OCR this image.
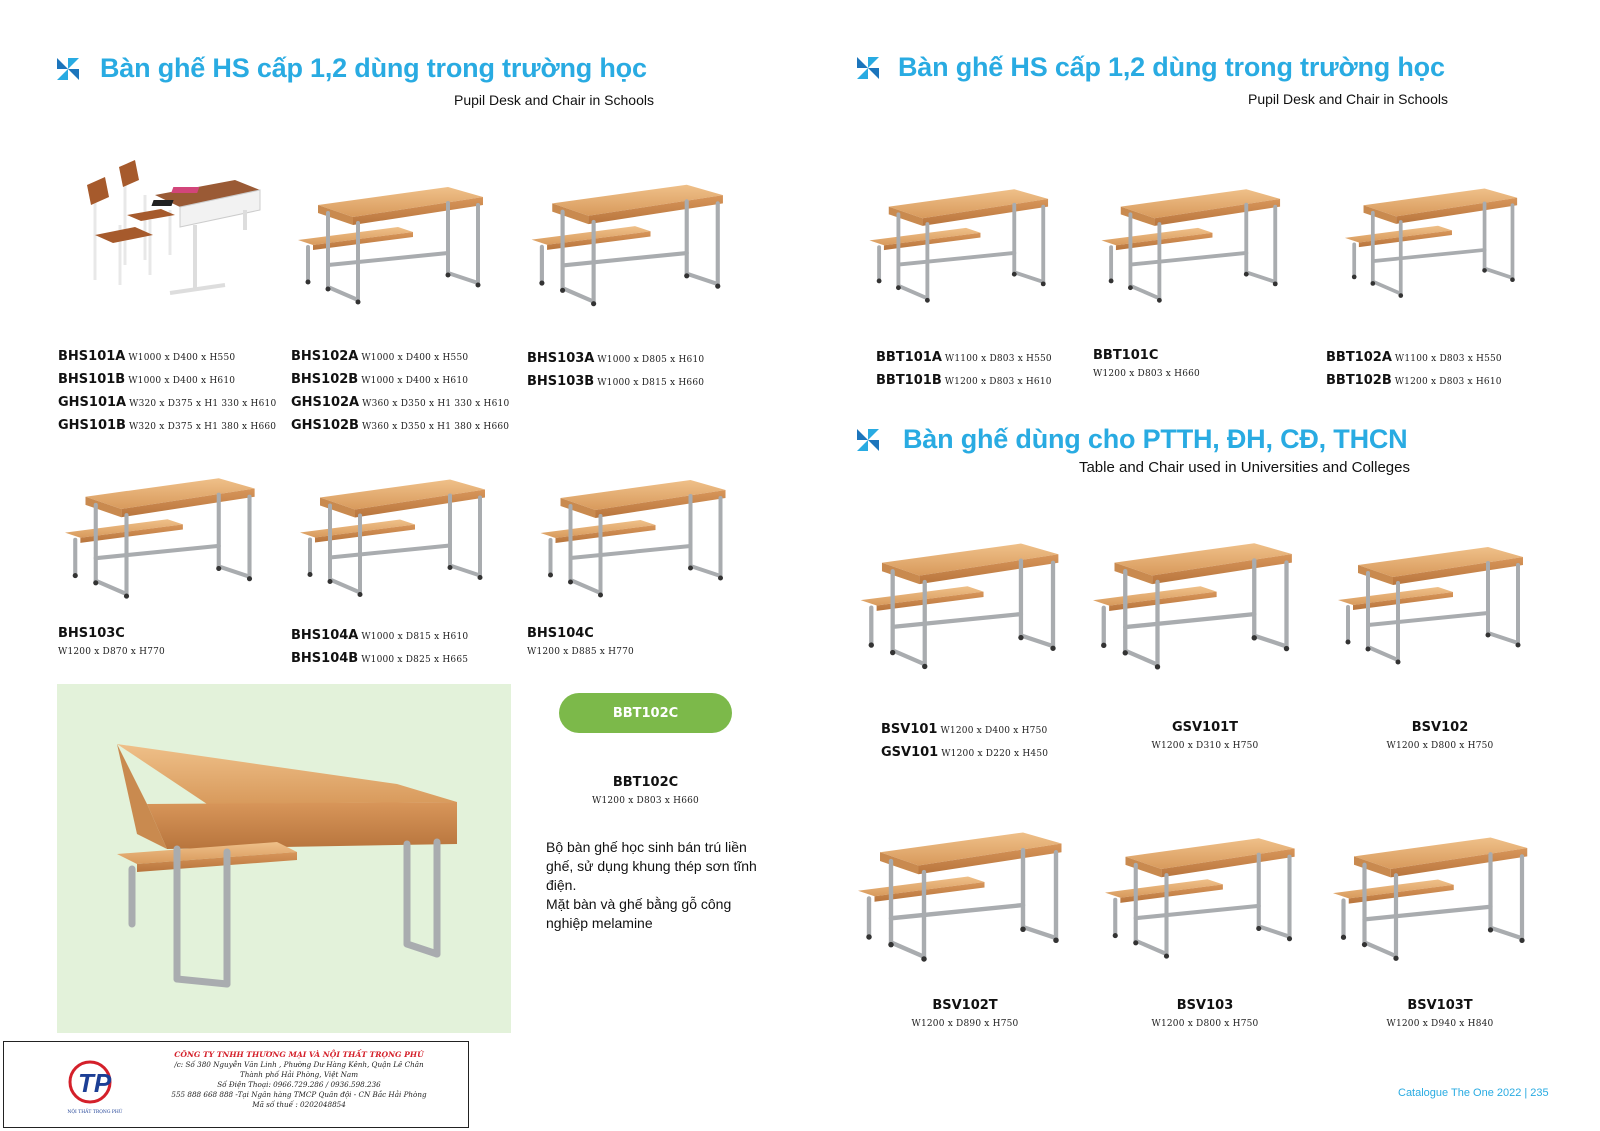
Bàn ghế HS cấp 1,2 dùng trong trường học
Pupil Desk and Chair in Schools
Bàn ghế HS cấp 1,2 dùng trong trường học
Pupil Desk and Chair in Schools
BHS101A W1000 x D400 x H550
BHS101B W1000 x D400 x H610
GHS101A W320 x D375 x H1 330 x H610
GHS101B W320 x D375 x H1 380 x H660
BHS102A W1000 x D400 x H550
BHS102B W1000 x D400 x H610
GHS102A W360 x D350 x H1 330 x H610
GHS102B W360 x D350 x H1 380 x H660
BHS103A W1000 x D805 x H610
BHS103B W1000 x D815 x H660
BHS103C
W1200 x D870 x H770
BHS104A W1000 x D815 x H610
BHS104B W1000 x D825 x H665
BHS104C
W1200 x D885 x H770
BBT102C
BBT102C
W1200 x D803 x H660
Bộ bàn ghế học sinh bán trú liền
ghế, sử dụng khung thép sơn tĩnh
điện.
Mặt bàn và ghế bằng gỗ công
nghiệp melamine
BBT101A W1100 x D803 x H550
BBT101B W1200 x D803 x H610
BBT101C
W1200 x D803 x H660
BBT102A W1100 x D803 x H550
BBT102B W1200 x D803 x H610
Bàn ghế dùng cho PTTH, ĐH, CĐ, THCN
Table and Chair used in Universities and Colleges
BSV101 W1200 x D400 x H750
GSV101 W1200 x D220 x H450
GSV101T
W1200 x D310 x H750
BSV102
W1200 x D800 x H750
BSV102T
W1200 x D890 x H750
BSV103
W1200 x D800 x H750
BSV103T
W1200 x D940 x H840
TP
NỘI THẤT TRỌNG PHÚ
CÔNG TY TNHH THƯƠNG MẠI VÀ NỘI THẤT TRỌNG PHÚ
/c: Số 380 Nguyễn Văn Linh , Phường Dư Hàng Kênh, Quận Lê Chân
Thành phố Hải Phòng, Việt Nam
Số Điện Thoại: 0966.729.286 / 0936.598.236
555 888 668 888 -Tại Ngân hàng TMCP Quân đội - CN Bắc Hải Phòng
Mã số thuế : 0202048854
Catalogue The One 2022 | 235
